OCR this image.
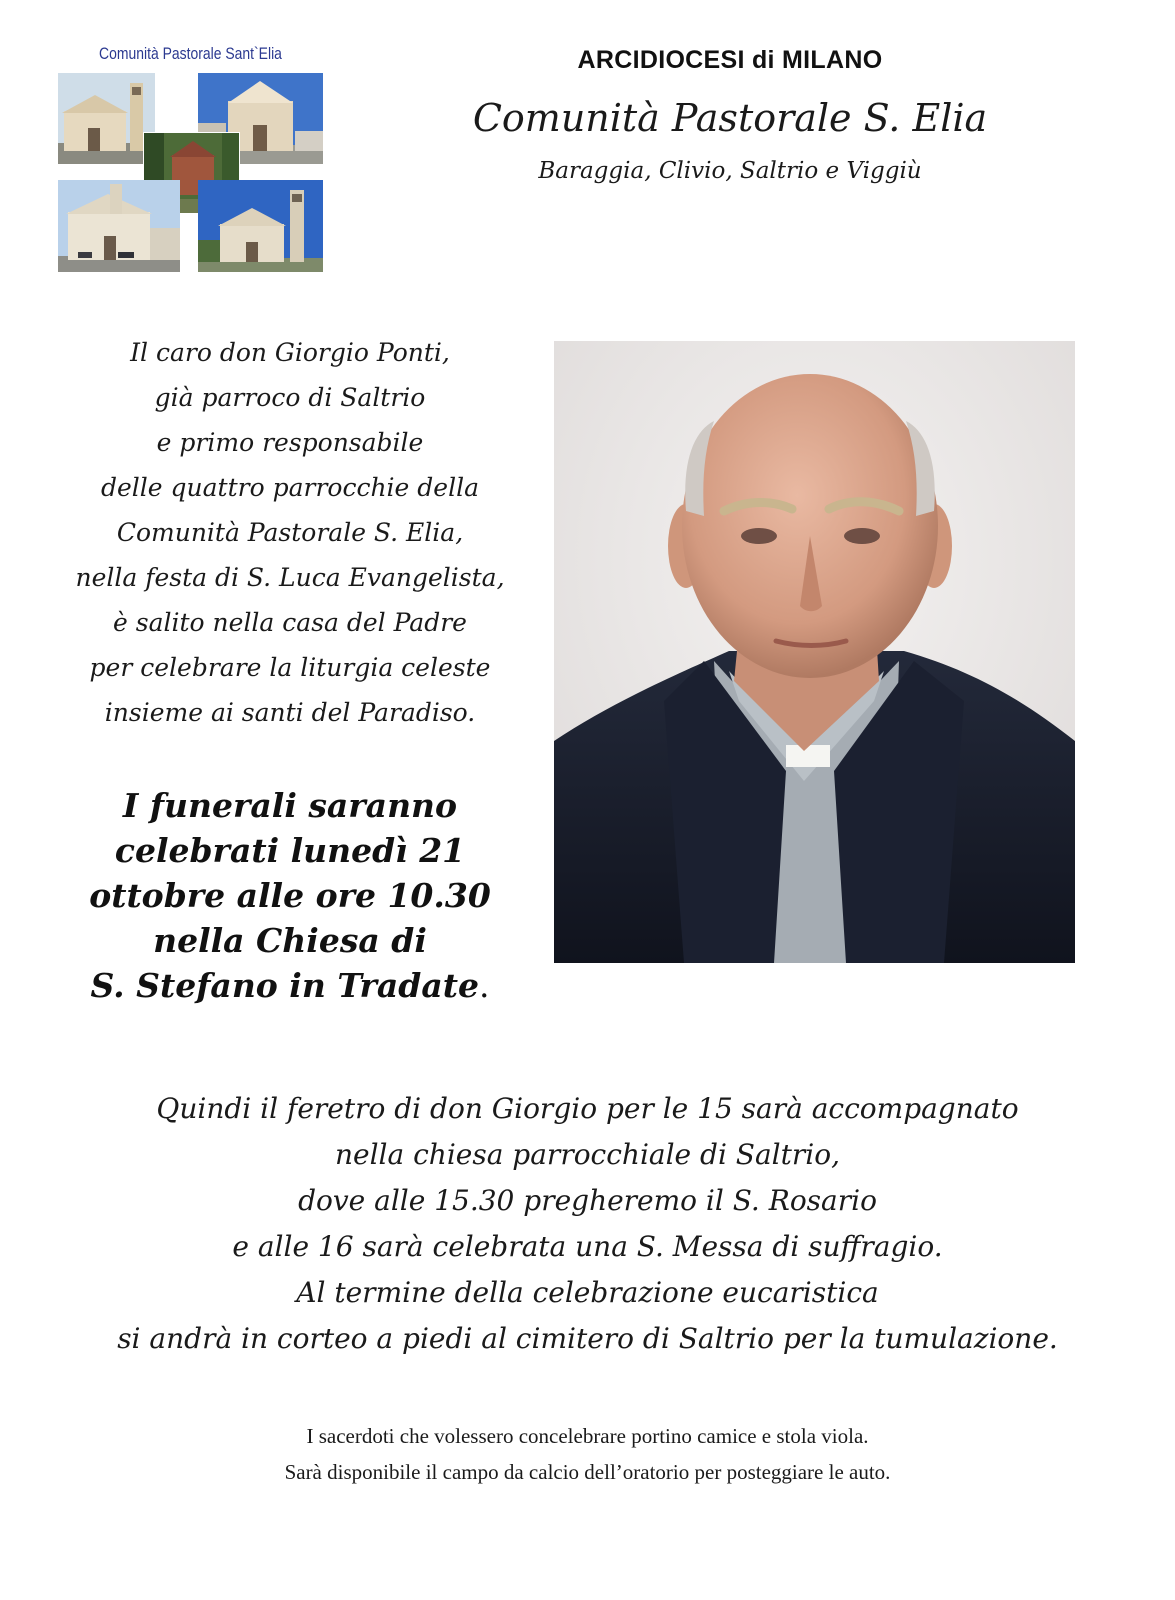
Comunità Pastorale Sant`Elia	ARCIDIOCESI di MILANO
Comunità Pastorale S. Elia
Baraggia, Clivio, Saltrio e Viggiù
Il caro don Giorgio Ponti,
già parroco di Saltrio
e primo responsabile
delle quattro parrocchie della
Comunità Pastorale S. Elia,
nella festa di S. Luca Evangelista,
è salito nella casa del Padre
per celebrare la liturgia celeste
insieme ai santi del Paradiso.
I funerali saranno
celebrati lunedì 21
ottobre alle ore 10.30
nella Chiesa di
S. Stefano in Tradate.
Quindi il feretro di don Giorgio per le 15 sarà accompagnato
nella chiesa parrocchiale di Saltrio,
dove alle 15.30 pregheremo il S. Rosario
e alle 16 sarà celebrata una S. Messa di suffragio.
Al termine della celebrazione eucaristica
si andrà in corteo a piedi al cimitero di Saltrio per la tumulazione.
I sacerdoti che volessero concelebrare portino camice e stola viola.
Sarà disponibile il campo da calcio dell’oratorio per posteggiare le auto.
